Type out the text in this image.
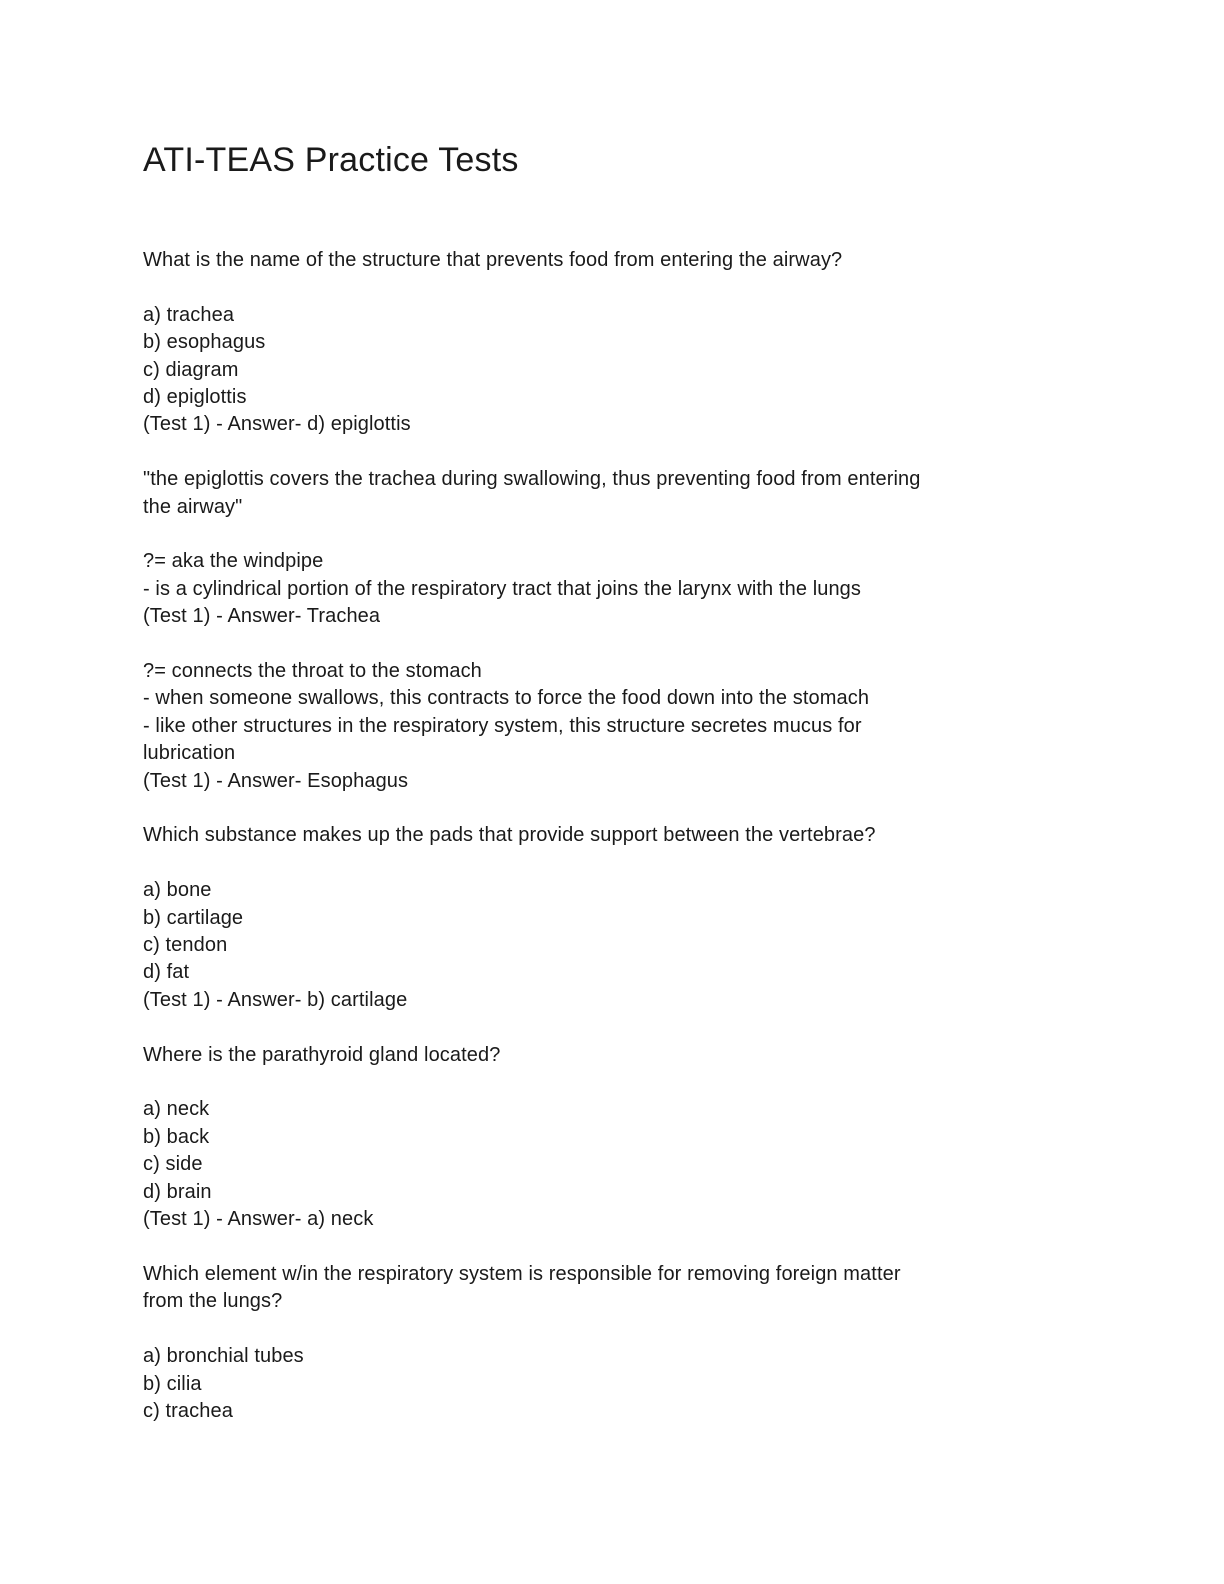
ATI-TEAS Practice Tests
What is the name of the structure that prevents food from entering the airway?
a) trachea
b) esophagus
c) diagram
d) epiglottis
(Test 1) - Answer- d) epiglottis
"the epiglottis covers the trachea during swallowing, thus preventing food from entering
the airway"
?= aka the windpipe
- is a cylindrical portion of the respiratory tract that joins the larynx with the lungs
(Test 1) - Answer- Trachea
?= connects the throat to the stomach
- when someone swallows, this contracts to force the food down into the stomach
- like other structures in the respiratory system, this structure secretes mucus for
lubrication
(Test 1) - Answer- Esophagus
Which substance makes up the pads that provide support between the vertebrae?
a) bone
b) cartilage
c) tendon
d) fat
(Test 1) - Answer- b) cartilage
Where is the parathyroid gland located?
a) neck
b) back
c) side
d) brain
(Test 1) - Answer- a) neck
Which element w/in the respiratory system is responsible for removing foreign matter
from the lungs?
a) bronchial tubes
b) cilia
c) trachea
